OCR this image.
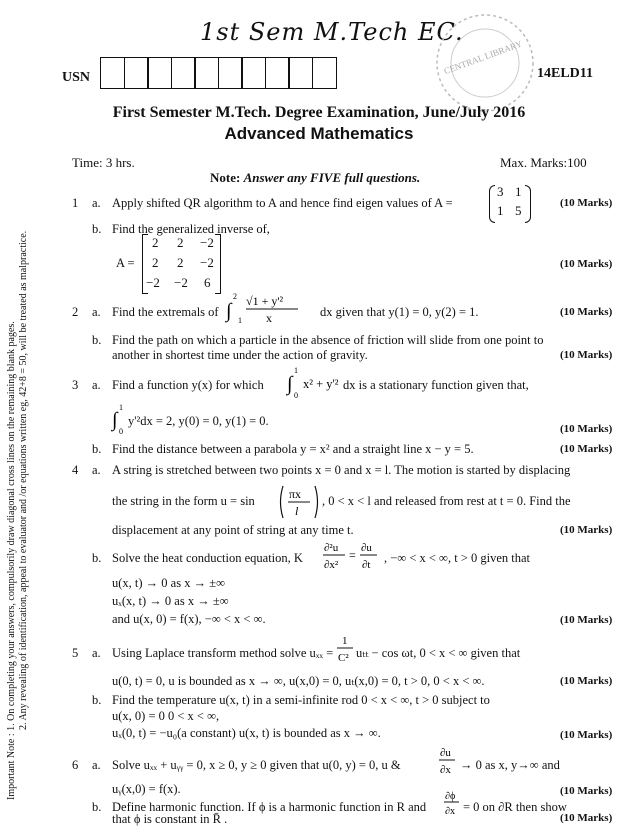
1st Sem M.Tech EC.
CENTRAL LIBRARY
USN	14ELD11
First Semester M.Tech. Degree Examination, June/July 2016
Advanced Mathematics
Time: 3 hrs.	Max. Marks:100
Note: Answer any FIVE full questions.
Important Note : 1. On completing your answers, compulsorily draw diagonal cross lines on the remaining blank pages. 2. Any revealing of identification, appeal to evaluator and /or equations written eg, 42+8 = 50, will be treated as malpractice.
1 a. Apply shifted QR algorithm to A and hence find eigen values of A =
3 1
1 5	(10 Marks)
b. Find the generalized inverse of,
A =
2 2 −2
2 2 −2
−2 −2 6
(10 Marks)
2 a. Find the extremals of ∫
2
1
√1 + y'²
x	dx given that y(1) = 0, y(2) = 1.	(10 Marks)
b. Find the path on which a particle in the absence of friction will slide from one point to
another in shortest time under the action of gravity.	(10 Marks)
3 a. Find a function y(x) for which ∫
1
0
x² + y'² dx is a stationary function given that,
∫
1
0
y'²dx = 2, y(0) = 0, y(1) = 0.
(10 Marks)
b. Find the distance between a parabola y = x² and a straight line x − y = 5.	(10 Marks)
4 a. A string is stretched between two points x = 0 and x = l. The motion is started by displacing
the string in the form u = sin	πx
l
, 0 < x < l and released from rest at t = 0. Find the
displacement at any point of string at any time t.	(10 Marks)
b. Solve the heat conduction equation, K
∂²u
∂x²
= ∂u
∂t , −∞ < x < ∞, t > 0 given that
u(x, t) → 0 as x → ±∞
uₓ(x, t) → 0 as x → ±∞
and u(x, 0) = f(x), −∞ < x < ∞.	(10 Marks)
5 a. Using Laplace transform method solve uₓₓ =
1
C² uₜₜ − cos ωt, 0 < x < ∞ given that
u(0, t) = 0, u is bounded as x → ∞, u(x,0) = 0, uₜ(x,0) = 0, t > 0, 0 < x < ∞.	(10 Marks)
b. Find the temperature u(x, t) in a semi-infinite rod 0 < x < ∞, t > 0 subject to
u(x, 0) = 0 0 < x < ∞,
uₓ(0, t) = −u₀(a constant) u(x, t) is bounded as x → ∞.	(10 Marks)
6 a. Solve uₓₓ + uᵧᵧ = 0, x ≥ 0, y ≥ 0 given that u(0, y) = 0, u &
∂u
∂x → 0 as x, y→∞ and
uᵧ(x,0) = f(x).	(10 Marks)
b. Define harmonic function. If ϕ is a harmonic function in R and
∂ϕ
∂x = 0 on ∂R then show
that ϕ is constant in R̄ .	(10 Marks)
